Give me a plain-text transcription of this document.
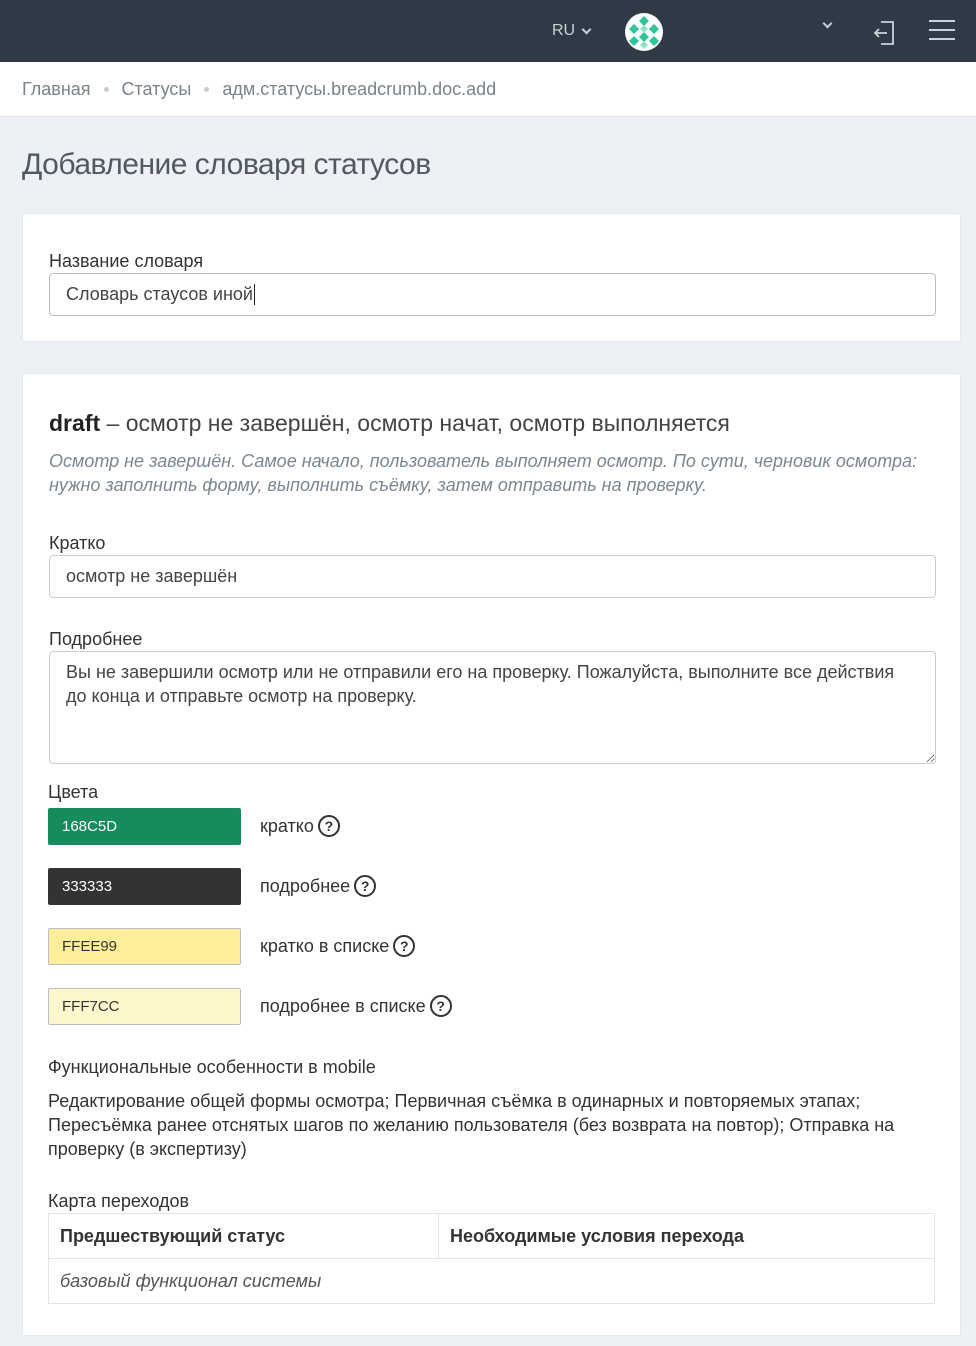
RU
Главная Статусы адм.статусы.breadcrumb.doc.add
Добавление словаря статусов
Название словаря
Словарь стаусов иной
draft – осмотр не завершён, осмотр начат, осмотр выполняется
Осмотр не завершён. Самое начало, пользователь выполняет осмотр. По сути, черновик осмотра: нужно заполнить форму, выполнить съёмку, затем отправить на проверку.
Кратко
осмотр не завершён
Подробнее
Вы не завершили осмотр или не отправили его на проверку. Пожалуйста, выполните все действия до конца и отправьте осмотр на проверку.
Цвета
168C5D	кратко ?
333333	подробнее ?
FFEE99	кратко в списке ?
FFF7CC	подробнее в списке ?
Функциональные особенности в mobile
Редактирование общей формы осмотра; Первичная съёмка в одинарных и повторяемых этапах; Пересъёмка ранее отснятых шагов по желанию пользователя (без возврата на повтор); Отправка на проверку (в экспертизу)
Карта переходов
Предшествующий статус	Необходимые условия перехода
базовый функционал системы
